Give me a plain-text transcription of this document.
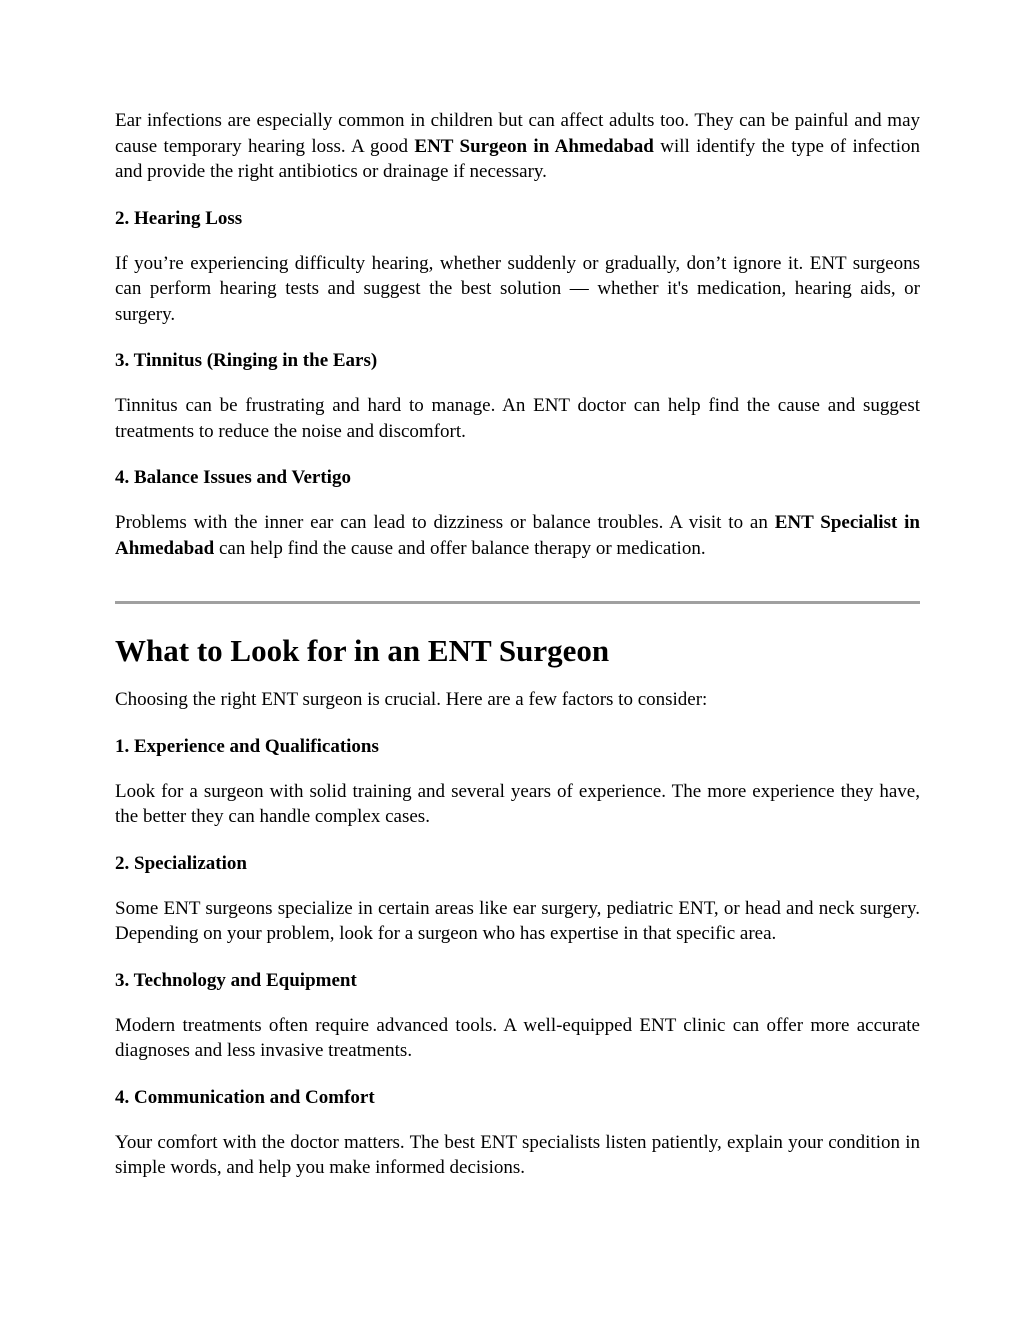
Ear infections are especially common in children but can affect adults too. They can be painful and may cause temporary hearing loss. A good ENT Surgeon in Ahmedabad will identify the type of infection and provide the right antibiotics or drainage if necessary.

2. Hearing Loss

If you’re experiencing difficulty hearing, whether suddenly or gradually, don’t ignore it. ENT surgeons can perform hearing tests and suggest the best solution — whether it's medication, hearing aids, or surgery.

3. Tinnitus (Ringing in the Ears)

Tinnitus can be frustrating and hard to manage. An ENT doctor can help find the cause and suggest treatments to reduce the noise and discomfort.

4. Balance Issues and Vertigo

Problems with the inner ear can lead to dizziness or balance troubles. A visit to an ENT Specialist in Ahmedabad can help find the cause and offer balance therapy or medication.

What to Look for in an ENT Surgeon

Choosing the right ENT surgeon is crucial. Here are a few factors to consider:

1. Experience and Qualifications

Look for a surgeon with solid training and several years of experience. The more experience they have, the better they can handle complex cases.

2. Specialization

Some ENT surgeons specialize in certain areas like ear surgery, pediatric ENT, or head and neck surgery. Depending on your problem, look for a surgeon who has expertise in that specific area.

3. Technology and Equipment

Modern treatments often require advanced tools. A well-equipped ENT clinic can offer more accurate diagnoses and less invasive treatments.

4. Communication and Comfort

Your comfort with the doctor matters. The best ENT specialists listen patiently, explain your condition in simple words, and help you make informed decisions.
